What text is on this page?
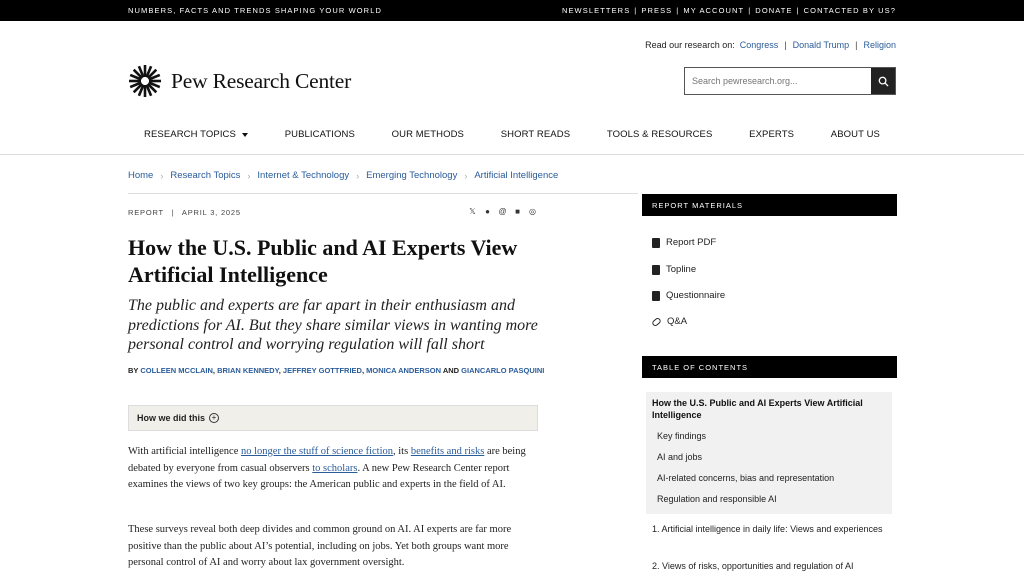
NUMBERS, FACTS AND TRENDS SHAPING YOUR WORLD	NEWSLETTERS | PRESS | MY ACCOUNT | DONATE | CONTACTED BY US?
Read our research on: Congress | Donald Trump | Religion
Pew Research Center
Search pewresearch.org...
RESEARCH TOPICS	PUBLICATIONS	OUR METHODS	SHORT READS	TOOLS & RESOURCES	EXPERTS	ABOUT US
Home › Research Topics › Internet & Technology › Emerging Technology › Artificial Intelligence
REPORT | APRIL 3, 2025	𝕏 ● @ ■ ◎
How the U.S. Public and AI Experts View Artificial Intelligence

The public and experts are far apart in their enthusiasm and predictions for AI. But they share similar views in wanting more personal control and worrying regulation will fall short

BY COLLEEN MCCLAIN, BRIAN KENNEDY, JEFFREY GOTTFRIED, MONICA ANDERSON AND GIANCARLO PASQUINI
How we did this +

With artificial intelligence no longer the stuff of science fiction, its benefits and risks are being debated by everyone from casual observers to scholars. A new Pew Research Center report examines the views of two key groups: the American public and experts in the field of AI.

These surveys reveal both deep divides and common ground on AI. AI experts are far more positive than the public about AI’s potential, including on jobs. Yet both groups want more personal control of AI and worry about lax government oversight.

REPORT MATERIALS
Report PDF
Topline
Questionnaire
Q&A
TABLE OF CONTENTS
How the U.S. Public and AI Experts View Artificial Intelligence
Key findings
AI and jobs
AI-related concerns, bias and representation
Regulation and responsible AI
1. Artificial intelligence in daily life: Views and experiences
2. Views of risks, opportunities and regulation of AI
